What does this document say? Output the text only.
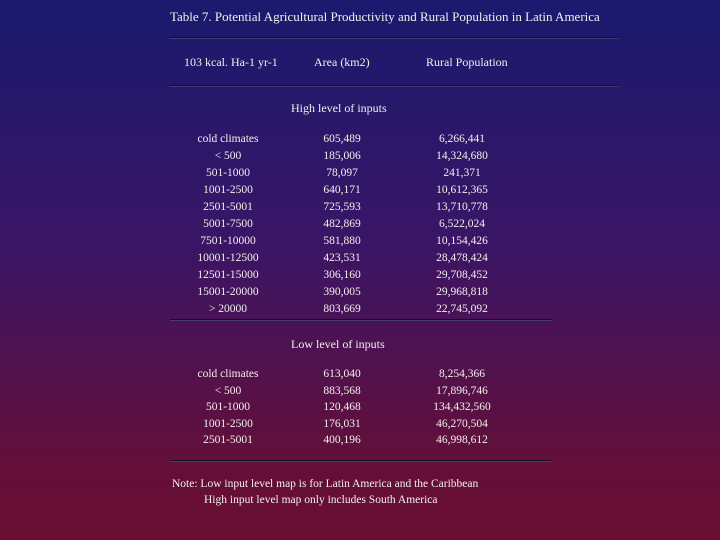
Table 7. Potential Agricultural Productivity and Rural Population in Latin America
103 kcal. Ha-1 yr-1	Area (km2)	Rural Population
High level of inputs
cold climates	605,489	6,266,441
< 500	185,006	14,324,680
501-1000	78,097	241,371
1001-2500	640,171	10,612,365
2501-5001	725,593	13,710,778
5001-7500	482,869	6,522,024
7501-10000	581,880	10,154,426
10001-12500	423,531	28,478,424
12501-15000	306,160	29,708,452
15001-20000	390,005	29,968,818
> 20000	803,669	22,745,092
Low level of inputs
cold climates	613,040	8,254,366
< 500	883,568	17,896,746
501-1000	120,468	134,432,560
1001-2500	176,031	46,270,504
2501-5001	400,196	46,998,612
Note: Low input level map is for Latin America and the Caribbean
High input level map only includes South America
